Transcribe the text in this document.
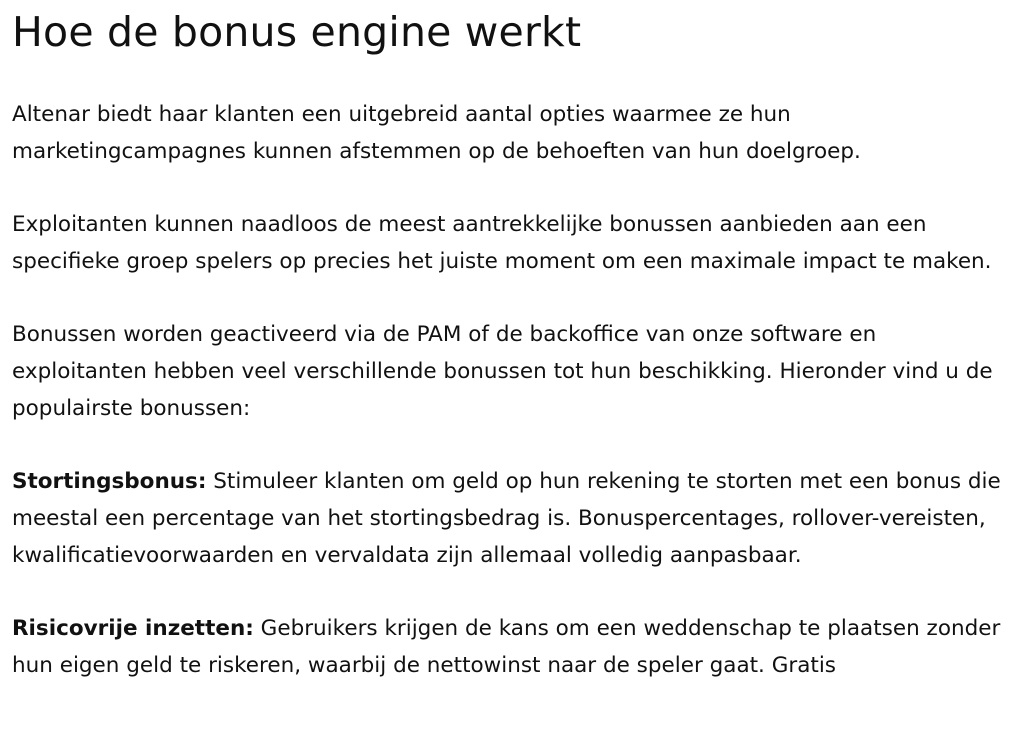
Hoe de bonus engine werkt

Altenar biedt haar klanten een uitgebreid aantal opties waarmee ze hun marketingcampagnes kunnen afstemmen op de behoeften van hun doelgroep.

Exploitanten kunnen naadloos de meest aantrekkelijke bonussen aanbieden aan een specifieke groep spelers op precies het juiste moment om een maximale impact te maken.

Bonussen worden geactiveerd via de PAM of de backoffice van onze software en exploitanten hebben veel verschillende bonussen tot hun beschikking. Hieronder vind u de populairste bonussen:

Stortingsbonus: Stimuleer klanten om geld op hun rekening te storten met een bonus die meestal een percentage van het stortingsbedrag is. Bonuspercentages, rollover-vereisten, kwalificatievoorwaarden en vervaldata zijn allemaal volledig aanpasbaar.

Risicovrije inzetten: Gebruikers krijgen de kans om een weddenschap te plaatsen zonder hun eigen geld te riskeren, waarbij de nettowinst naar de speler gaat. Gratis
